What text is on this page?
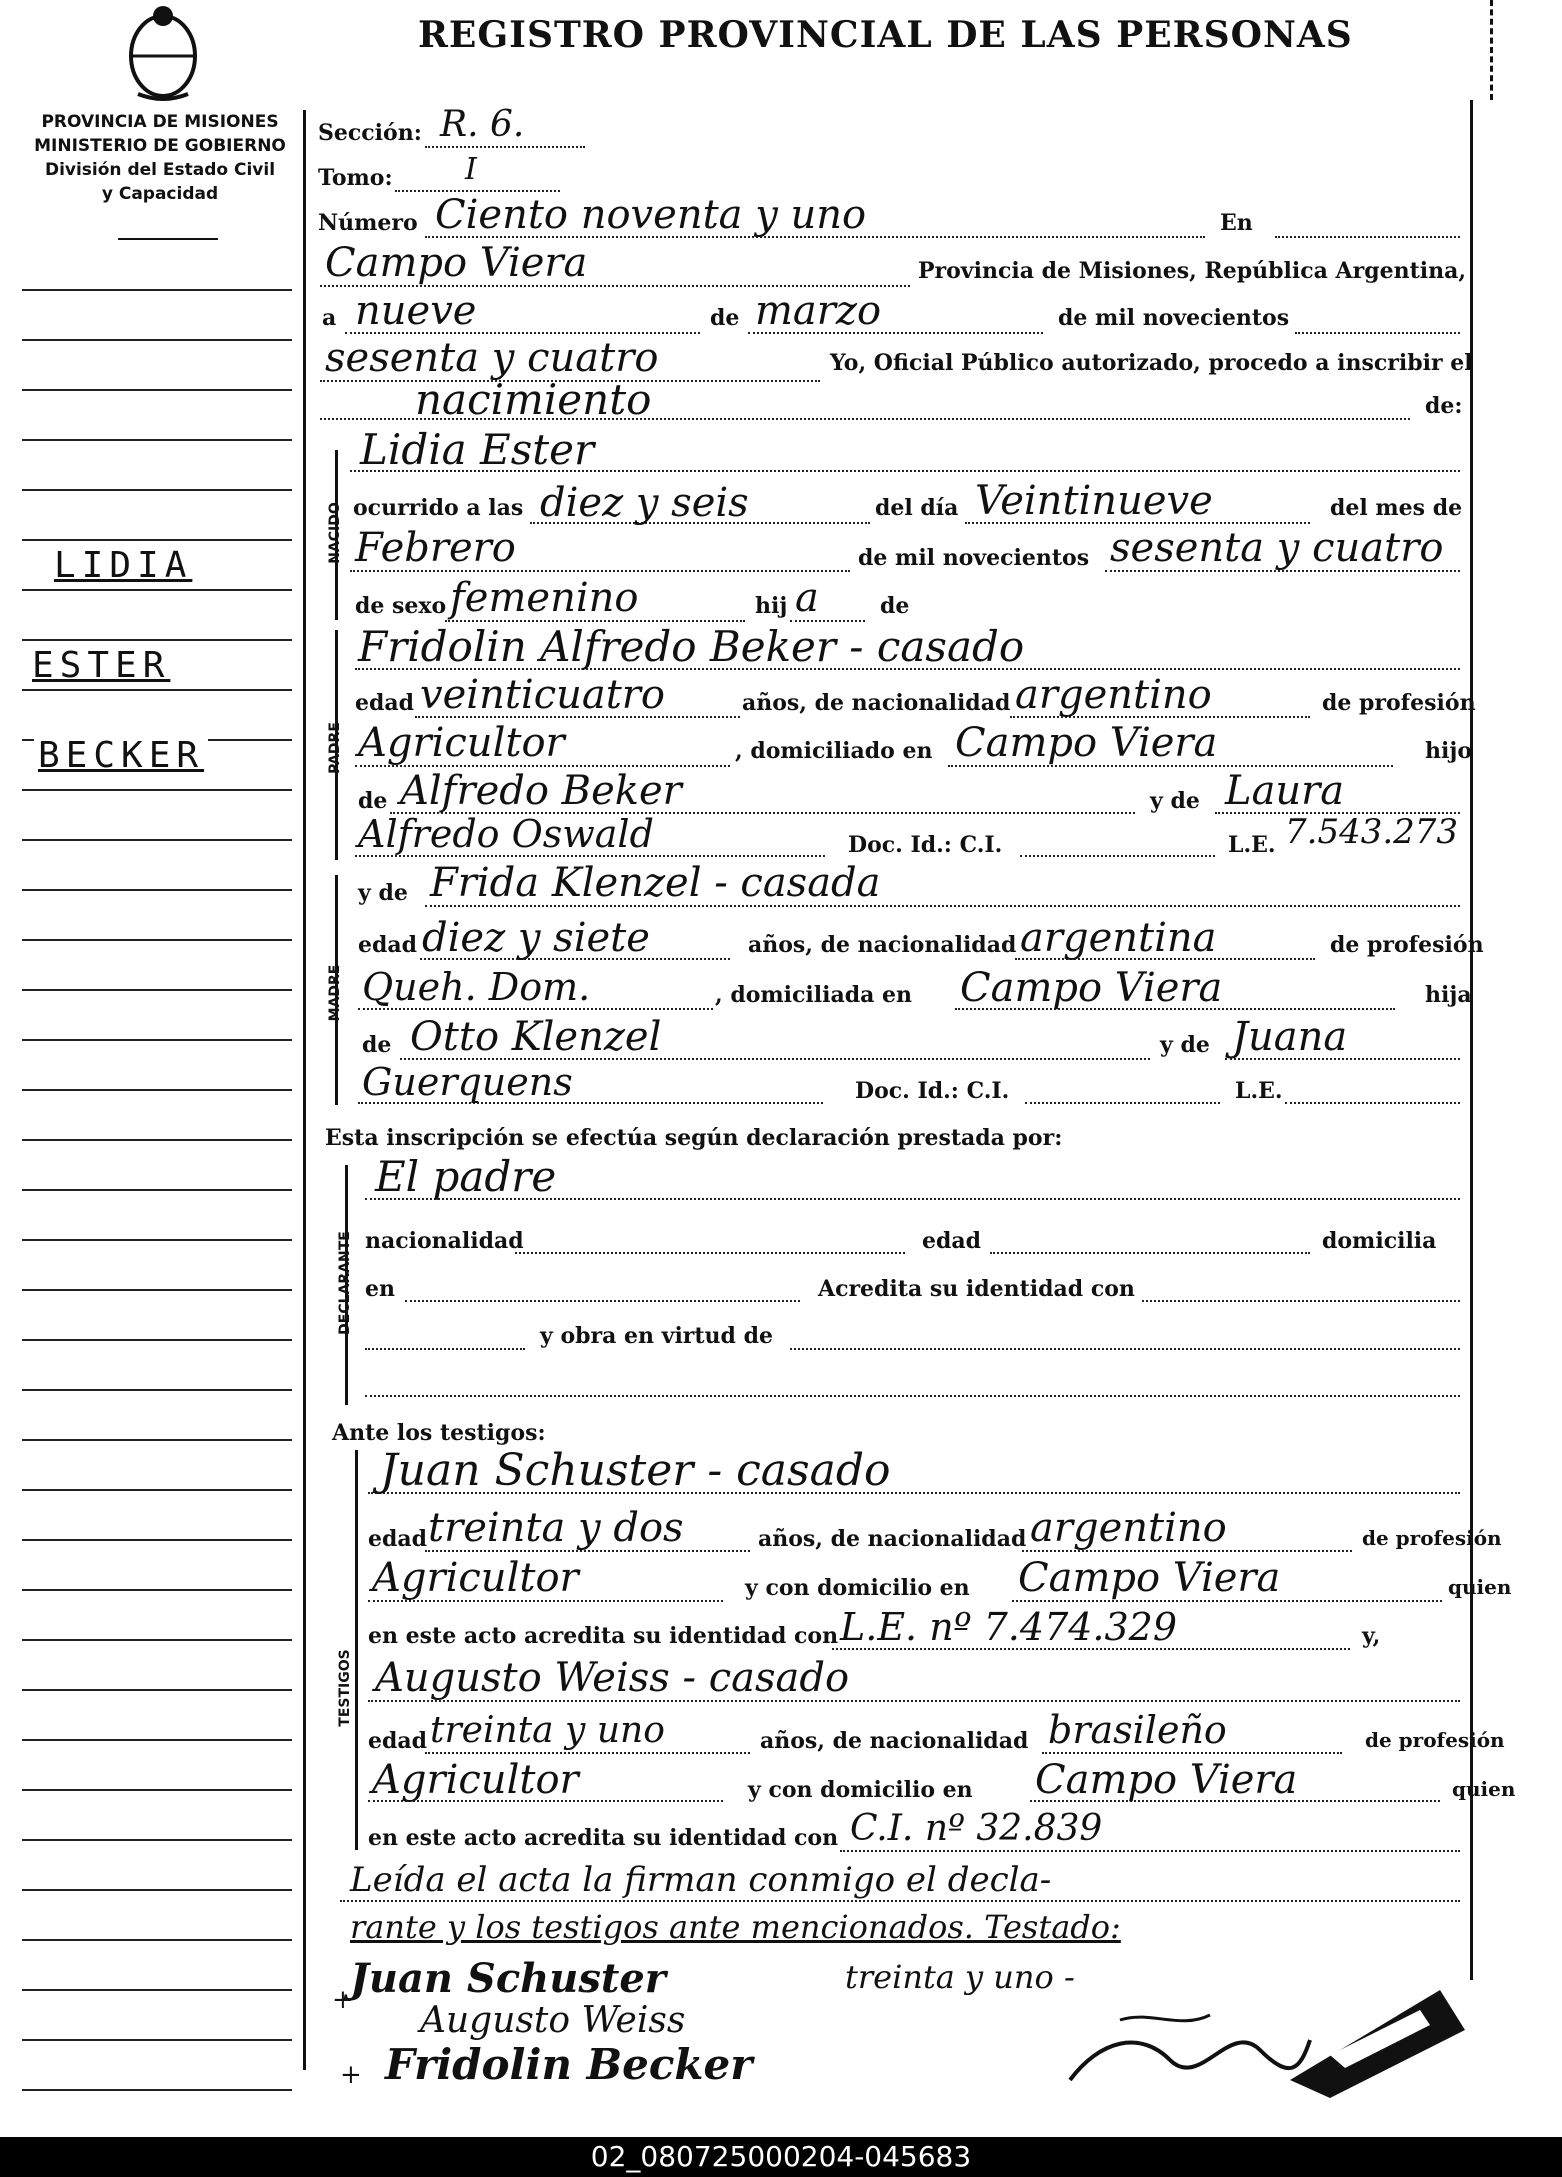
REGISTRO PROVINCIAL DE LAS PERSONAS
PROVINCIA DE MISIONES
MINISTERIO DE GOBIERNO
División del Estado Civil
y Capacidad
LIDIA
ESTER
BECKER
NACIDO
PADRE
MADRE
DECLARANTE
TESTIGOS
Sección: R. 6.
Tomo: I
Número Ciento noventa y uno	En
Campo Viera	Provincia de Misiones, República Argentina,
a nueve	de marzo	de mil novecientos
sesenta y cuatro	Yo, Oficial Público autorizado, procedo a inscribir el
nacimiento	de:
Lidia Ester
ocurrido a las diez y seis	del día Veintinueve	del mes de
Febrero	de mil novecientos sesenta y cuatro
de sexo femenino	hij a	de
Fridolin Alfredo Beker - casado
edad veinticuatro	años, de nacionalidad argentino	de profesión
Agricultor	, domiciliado en Campo Viera	hijo
de Alfredo Beker	y de Laura
Alfredo Oswald	Doc. Id.: C.I.	L.E. 7.543.273
y de Frida Klenzel - casada
edad diez y siete	años, de nacionalidad argentina	de profesión
Queh. Dom.	, domiciliada en Campo Viera	hija
de Otto Klenzel	y de Juana
Guerquens	Doc. Id.: C.I.	L.E.
Esta inscripción se efectúa según declaración prestada por:
El padre
nacionalidad	edad	domicilia
en	Acredita su identidad con
y obra en virtud de
Ante los testigos:
Juan Schuster - casado
edad treinta y dos	años, de nacionalidad argentino	de profesión
Agricultor	y con domicilio en Campo Viera	quien
en este acto acredita su identidad con L.E. nº 7.474.329	y,
Augusto Weiss - casado
edad treinta y uno	años, de nacionalidad brasileño	de profesión
Agricultor	y con domicilio en Campo Viera	quien
en este acto acredita su identidad con C.I. nº 32.839
Leída el acta la firman conmigo el decla-
rante y los testigos ante mencionados. Testado:
Juan Schuster	treinta y uno -
Augusto Weiss
Fridolin Becker
+
+
02_080725000204-045683
